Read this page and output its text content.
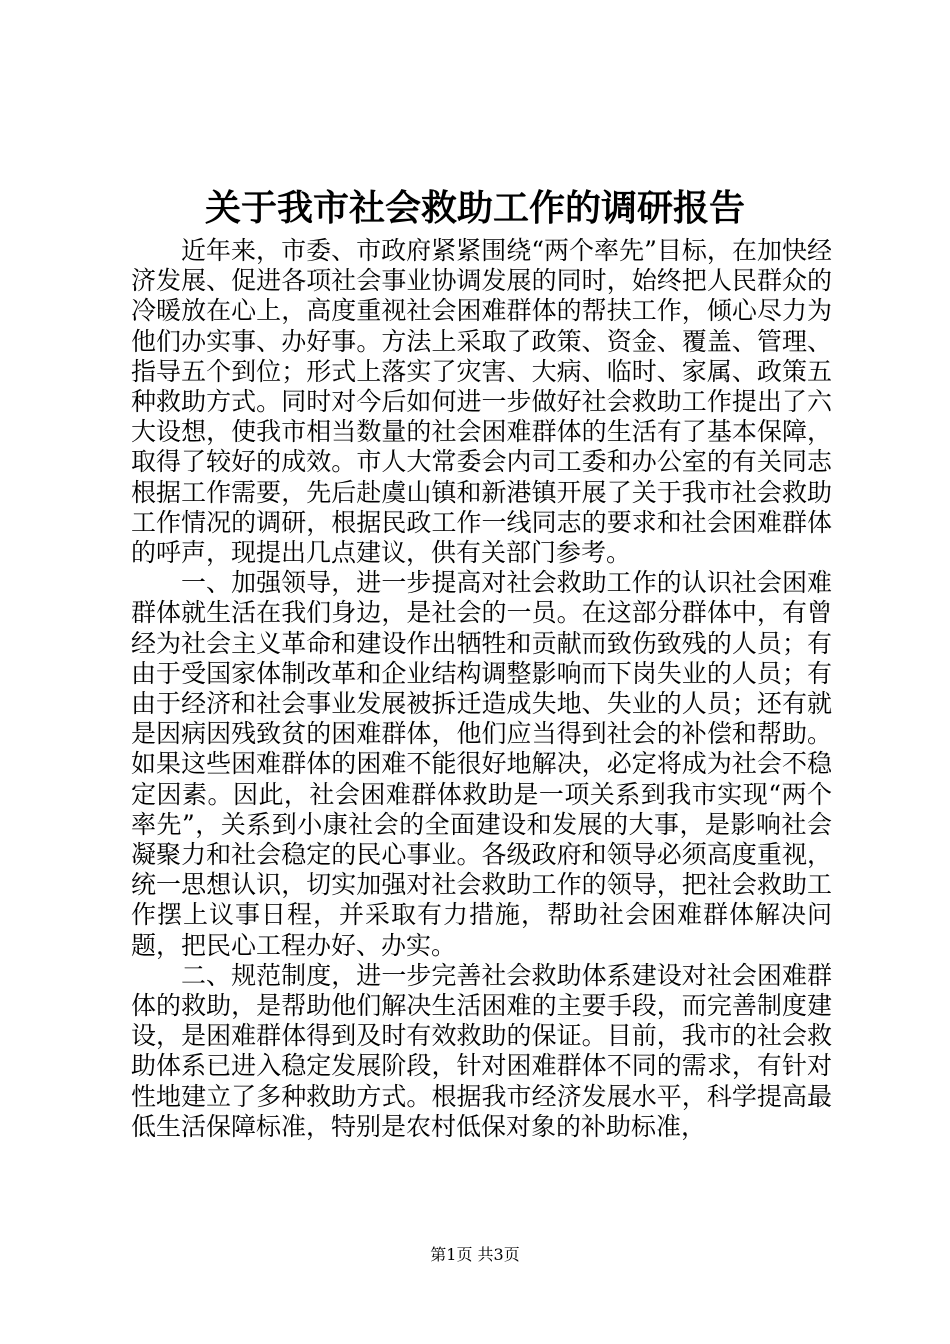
关于我市社会救助工作的调研报告

近年来，市委、市政府紧紧围绕“两个率先”目标，在加快经济发展、促进各项社会事业协调发展的同时，始终把人民群众的冷暖放在心上，高度重视社会困难群体的帮扶工作，倾心尽力为他们办实事、办好事。方法上采取了政策、资金、覆盖、管理、指导五个到位；形式上落实了灾害、大病、临时、家属、政策五种救助方式。同时对今后如何进一步做好社会救助工作提出了六大设想，使我市相当数量的社会困难群体的生活有了基本保障，取得了较好的成效。市人大常委会内司工委和办公室的有关同志根据工作需要，先后赴虞山镇和新港镇开展了关于我市社会救助工作情况的调研，根据民政工作一线同志的要求和社会困难群体的呼声，现提出几点建议，供有关部门参考。

一、加强领导，进一步提高对社会救助工作的认识社会困难群体就生活在我们身边，是社会的一员。在这部分群体中，有曾经为社会主义革命和建设作出牺牲和贡献而致伤致残的人员；有由于受国家体制改革和企业结构调整影响而下岗失业的人员；有由于经济和社会事业发展被拆迁造成失地、失业的人员；还有就是因病因残致贫的困难群体，他们应当得到社会的补偿和帮助。如果这些困难群体的困难不能很好地解决，必定将成为社会不稳定因素。因此，社会困难群体救助是一项关系到我市实现“两个率先”，关系到小康社会的全面建设和发展的大事，是影响社会凝聚力和社会稳定的民心事业。各级政府和领导必须高度重视，统一思想认识，切实加强对社会救助工作的领导，把社会救助工作摆上议事日程，并采取有力措施，帮助社会困难群体解决问题，把民心工程办好、办实。

二、规范制度，进一步完善社会救助体系建设对社会困难群体的救助，是帮助他们解决生活困难的主要手段，而完善制度建设，是困难群体得到及时有效救助的保证。目前，我市的社会救助体系已进入稳定发展阶段，针对困难群体不同的需求，有针对性地建立了多种救助方式。根据我市经济发展水平，科学提高最低生活保障标准，特别是农村低保对象的补助标准，

第1页 共3页
